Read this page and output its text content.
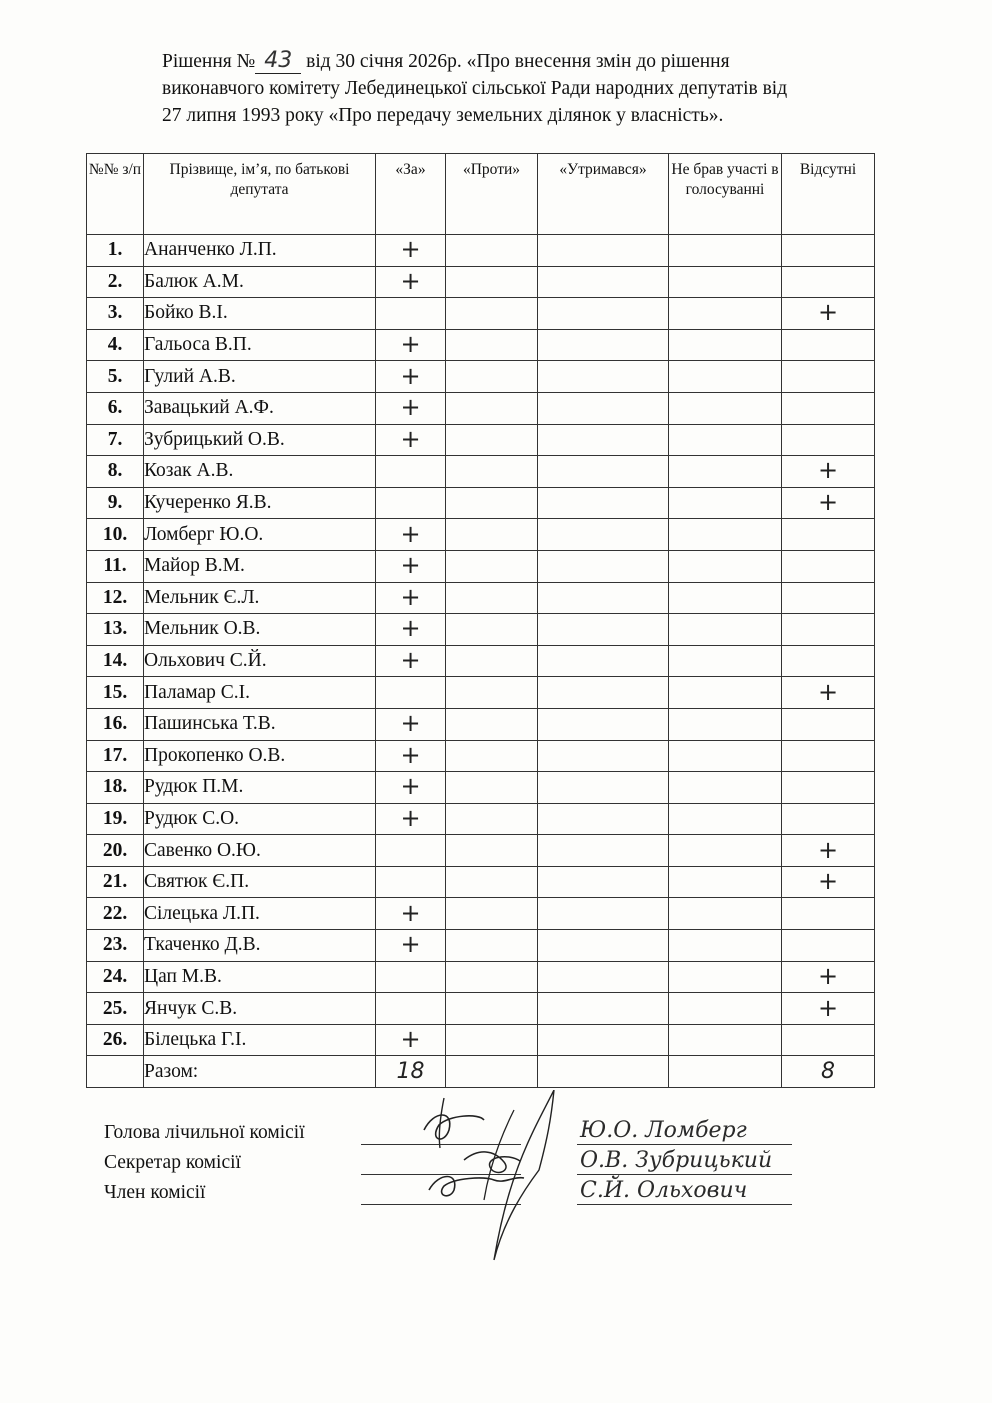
Рішення № 43 від 30 січня 2026р. «Про внесення змін до рішення
виконавчого комітету Лебединецької сільської Ради народних депутатів від
27 липня 1993 року «Про передачу земельних ділянок у власність».
№№ з/п	Прізвище, ім’я, по батькові депутата	«За»	«Проти»	«Утримався»	Не брав участі в голосуванні	Відсутні
1.	Ананченко Л.П.	+				
2.	Балюк А.М.	+				
3.	Бойко В.І.					+
4.	Гальоса В.П.	+				
5.	Гулий А.В.	+				
6.	Завацький А.Ф.	+				
7.	Зубрицький О.В.	+				
8.	Козак А.В.					+
9.	Кучеренко Я.В.					+
10.	Ломберг Ю.О.	+				
11.	Майор В.М.	+				
12.	Мельник Є.Л.	+				
13.	Мельник О.В.	+				
14.	Ольхович С.Й.	+				
15.	Паламар С.І.					+
16.	Пашинська Т.В.	+				
17.	Прокопенко О.В.	+				
18.	Рудюк П.М.	+				
19.	Рудюк С.О.	+				
20.	Савенко О.Ю.					+
21.	Святюк Є.П.					+
22.	Сілецька Л.П.	+				
23.	Ткаченко Д.В.	+				
24.	Цап М.В.					+
25.	Янчук С.В.					+
26.	Білецька Г.І.	+				
	Разом:	18				8
Голова лічильної комісії	Ю.О. Ломберг
Секретар комісії	О.В. Зубрицький
Член комісії	С.Й. Ольхович
